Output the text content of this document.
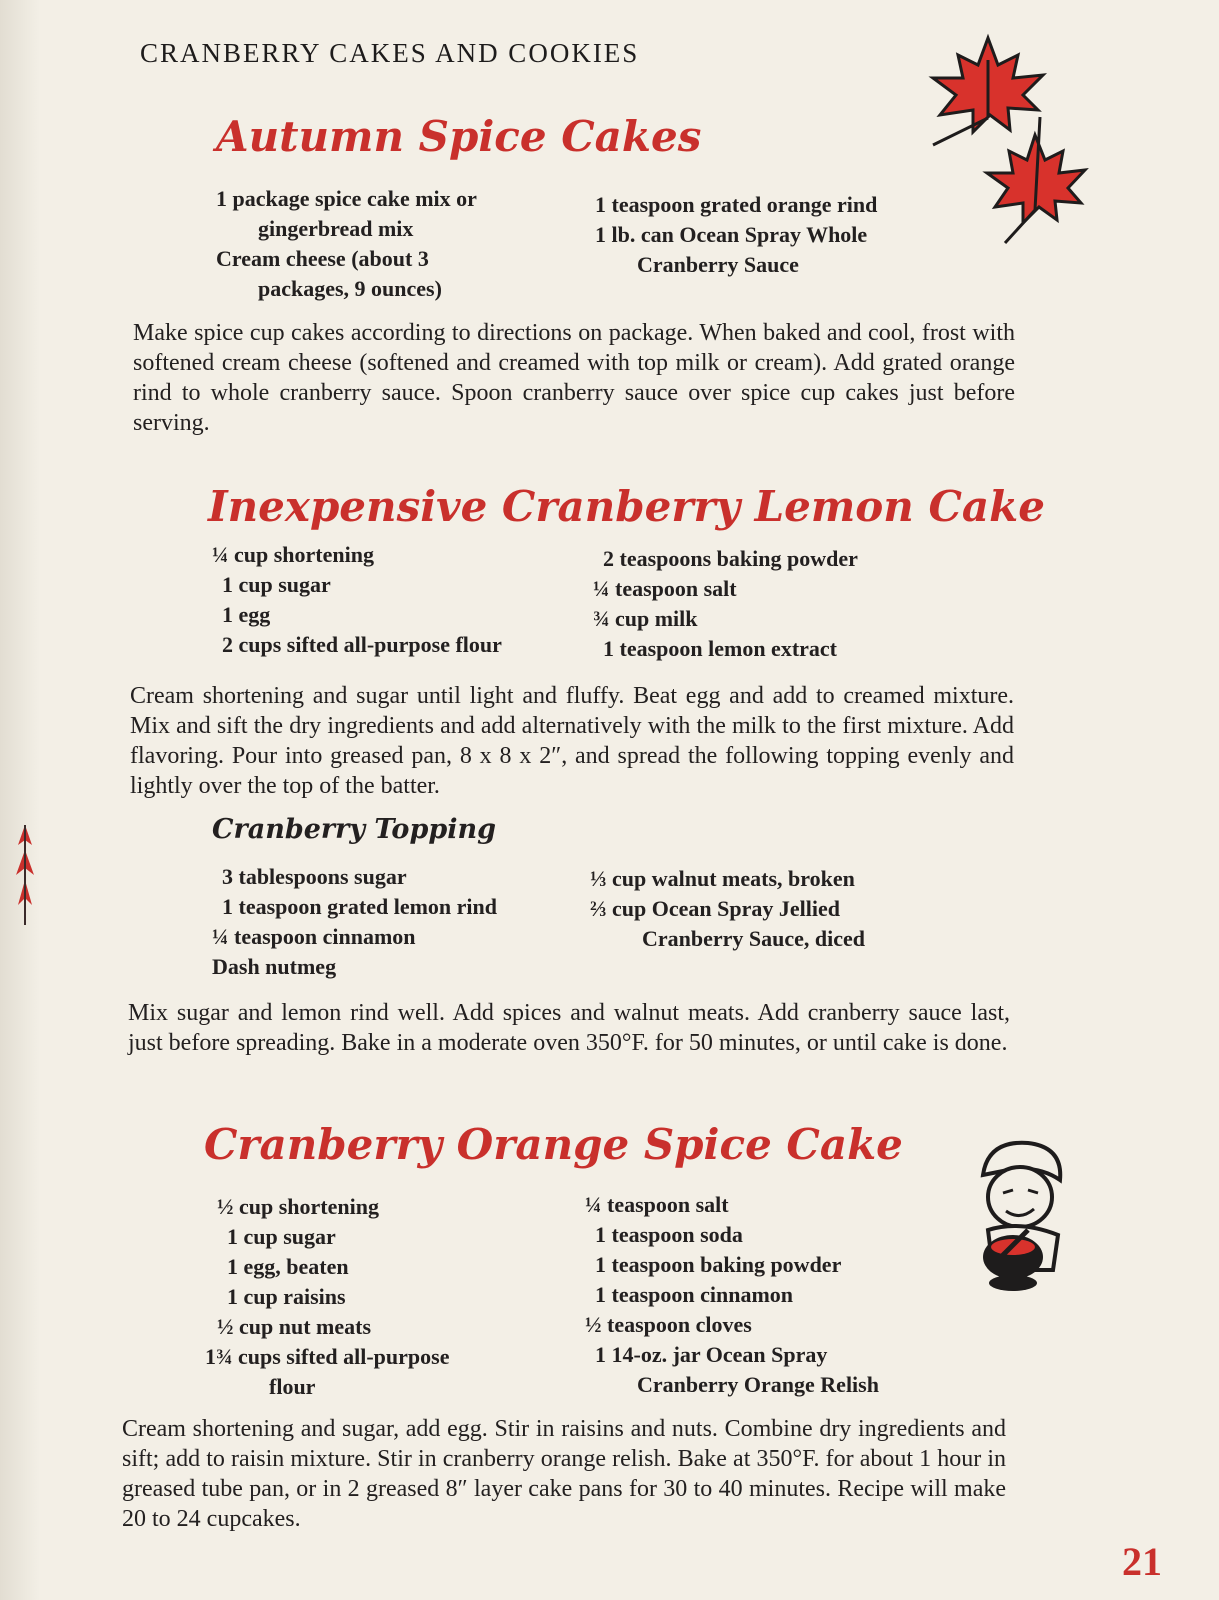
CRANBERRY CAKES AND COOKIES
Autumn Spice Cakes
1 package spice cake mix or
gingerbread mix
Cream cheese (about 3
packages, 9 ounces)
1 teaspoon grated orange rind
1 lb. can Ocean Spray Whole
Cranberry Sauce
Make spice cup cakes according to directions on package. When baked and cool, frost with softened cream cheese (softened and creamed with top milk or cream). Add grated orange rind to whole cranberry sauce. Spoon cranberry sauce over spice cup cakes just before serving.
Inexpensive Cranberry Lemon Cake
¼ cup shortening
1 cup sugar
1 egg
2 cups sifted all-purpose flour
2 teaspoons baking powder
¼ teaspoon salt
¾ cup milk
1 teaspoon lemon extract
Cream shortening and sugar until light and fluffy. Beat egg and add to creamed mixture. Mix and sift the dry ingredients and add alternatively with the milk to the first mixture. Add flavoring. Pour into greased pan, 8 x 8 x 2″, and spread the following topping evenly and lightly over the top of the batter.
Cranberry Topping
3 tablespoons sugar
1 teaspoon grated lemon rind
¼ teaspoon cinnamon
Dash nutmeg
⅓ cup walnut meats, broken
⅔ cup Ocean Spray Jellied
Cranberry Sauce, diced
Mix sugar and lemon rind well. Add spices and walnut meats. Add cranberry sauce last, just before spreading. Bake in a moderate oven 350°F. for 50 minutes, or until cake is done.
Cranberry Orange Spice Cake
½ cup shortening
1 cup sugar
1 egg, beaten
1 cup raisins
½ cup nut meats
1¾ cups sifted all-purpose
flour
¼ teaspoon salt
1 teaspoon soda
1 teaspoon baking powder
1 teaspoon cinnamon
½ teaspoon cloves
1 14-oz. jar Ocean Spray
Cranberry Orange Relish
Cream shortening and sugar, add egg. Stir in raisins and nuts. Combine dry ingredients and sift; add to raisin mixture. Stir in cranberry orange relish. Bake at 350°F. for about 1 hour in greased tube pan, or in 2 greased 8″ layer cake pans for 30 to 40 minutes. Recipe will make 20 to 24 cupcakes.
21
